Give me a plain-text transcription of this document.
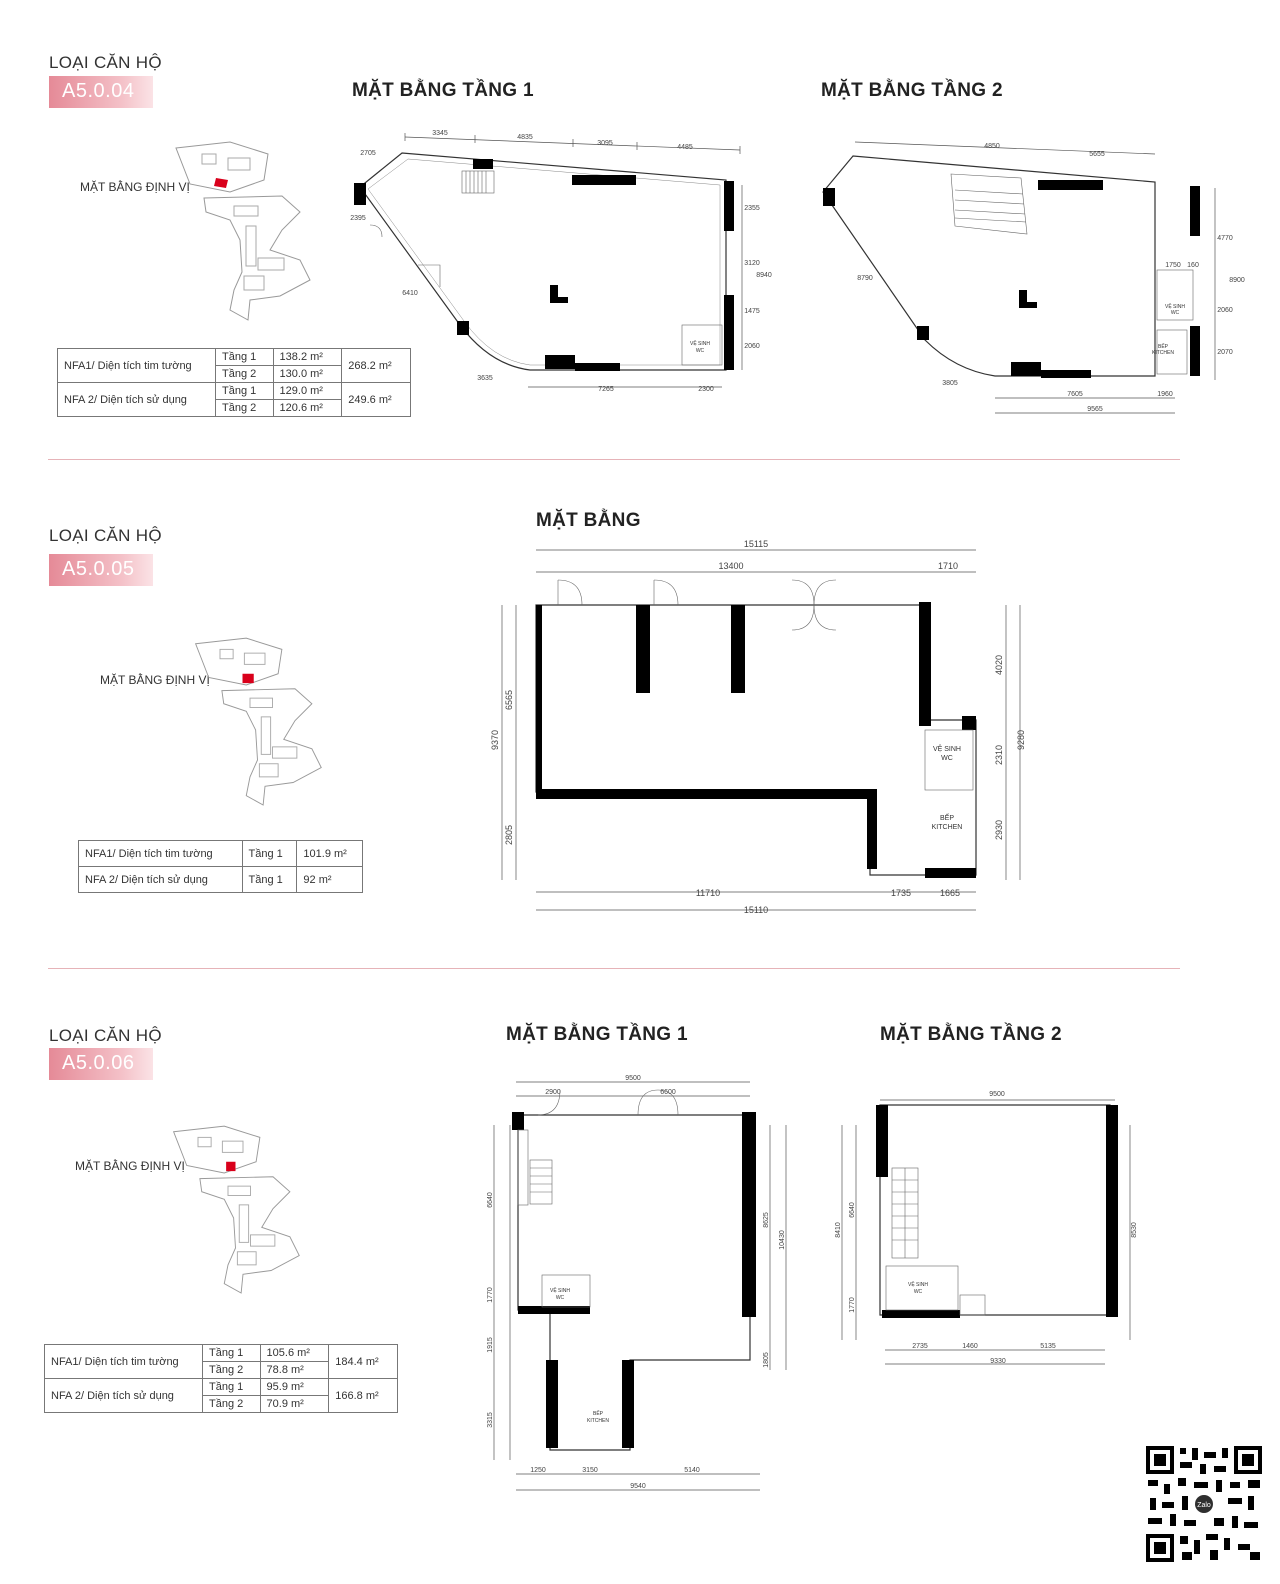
LOẠI CĂN HỘ
A5.0.04	MẶT BẰNG TẦNG 1	MẶT BẰNG TẦNG 2
MẶT BẰNG ĐỊNH VỊ
NFA1/ Diện tích tim tường	Tầng 1	138.2 m²	268.2 m²
	Tầng 2	130.0 m²	
NFA 2/ Diện tích sử dụng	Tầng 1	129.0 m²	249.6 m²
	Tầng 2	120.6 m²	
3345
4835
3095
4485
2705
2395
6410
3635
7265	2300
2355
3120
8940
1475
2060
VỆ SINH
WC
4850
5655
8790
3805
7605	1960
9565
4770
8900
2060
2070
1750 160
VỆ SINH
WC
BẾP
KITCHEN
LOẠI CĂN HỘ
A5.0.05
MẶT BẰNG
MẶT BẰNG ĐỊNH VỊ
NFA1/ Diện tích tim tường	Tầng 1	101.9 m²
NFA 2/ Diện tích sử dụng	Tầng 1	92 m²
15115
13400	1710
9370
6565
2805
4020
2310
2930
9280
11710	1735	1665
15110
VỆ SINH
WC
BẾP
KITCHEN
LOẠI CĂN HỘ
A5.0.06
MẶT BẰNG TẦNG 1	MẶT BẰNG TẦNG 2
MẶT BẰNG ĐỊNH VỊ
NFA1/ Diện tích tim tường	Tầng 1	105.6 m²	184.4 m²
	Tầng 2	78.8 m²	
NFA 2/ Diện tích sử dụng	Tầng 1	95.9 m²	166.8 m²
	Tầng 2	70.9 m²	
9500
2900	6600
6640
1770
1915
3315
8625
10430
1805
1250	3150	5140
9540
VỆ SINH
WC
BẾP
KITCHEN
9500
8410
6640
1770
8530
2735	1460	5135
9330
VỆ SINH
WC
Zalo
